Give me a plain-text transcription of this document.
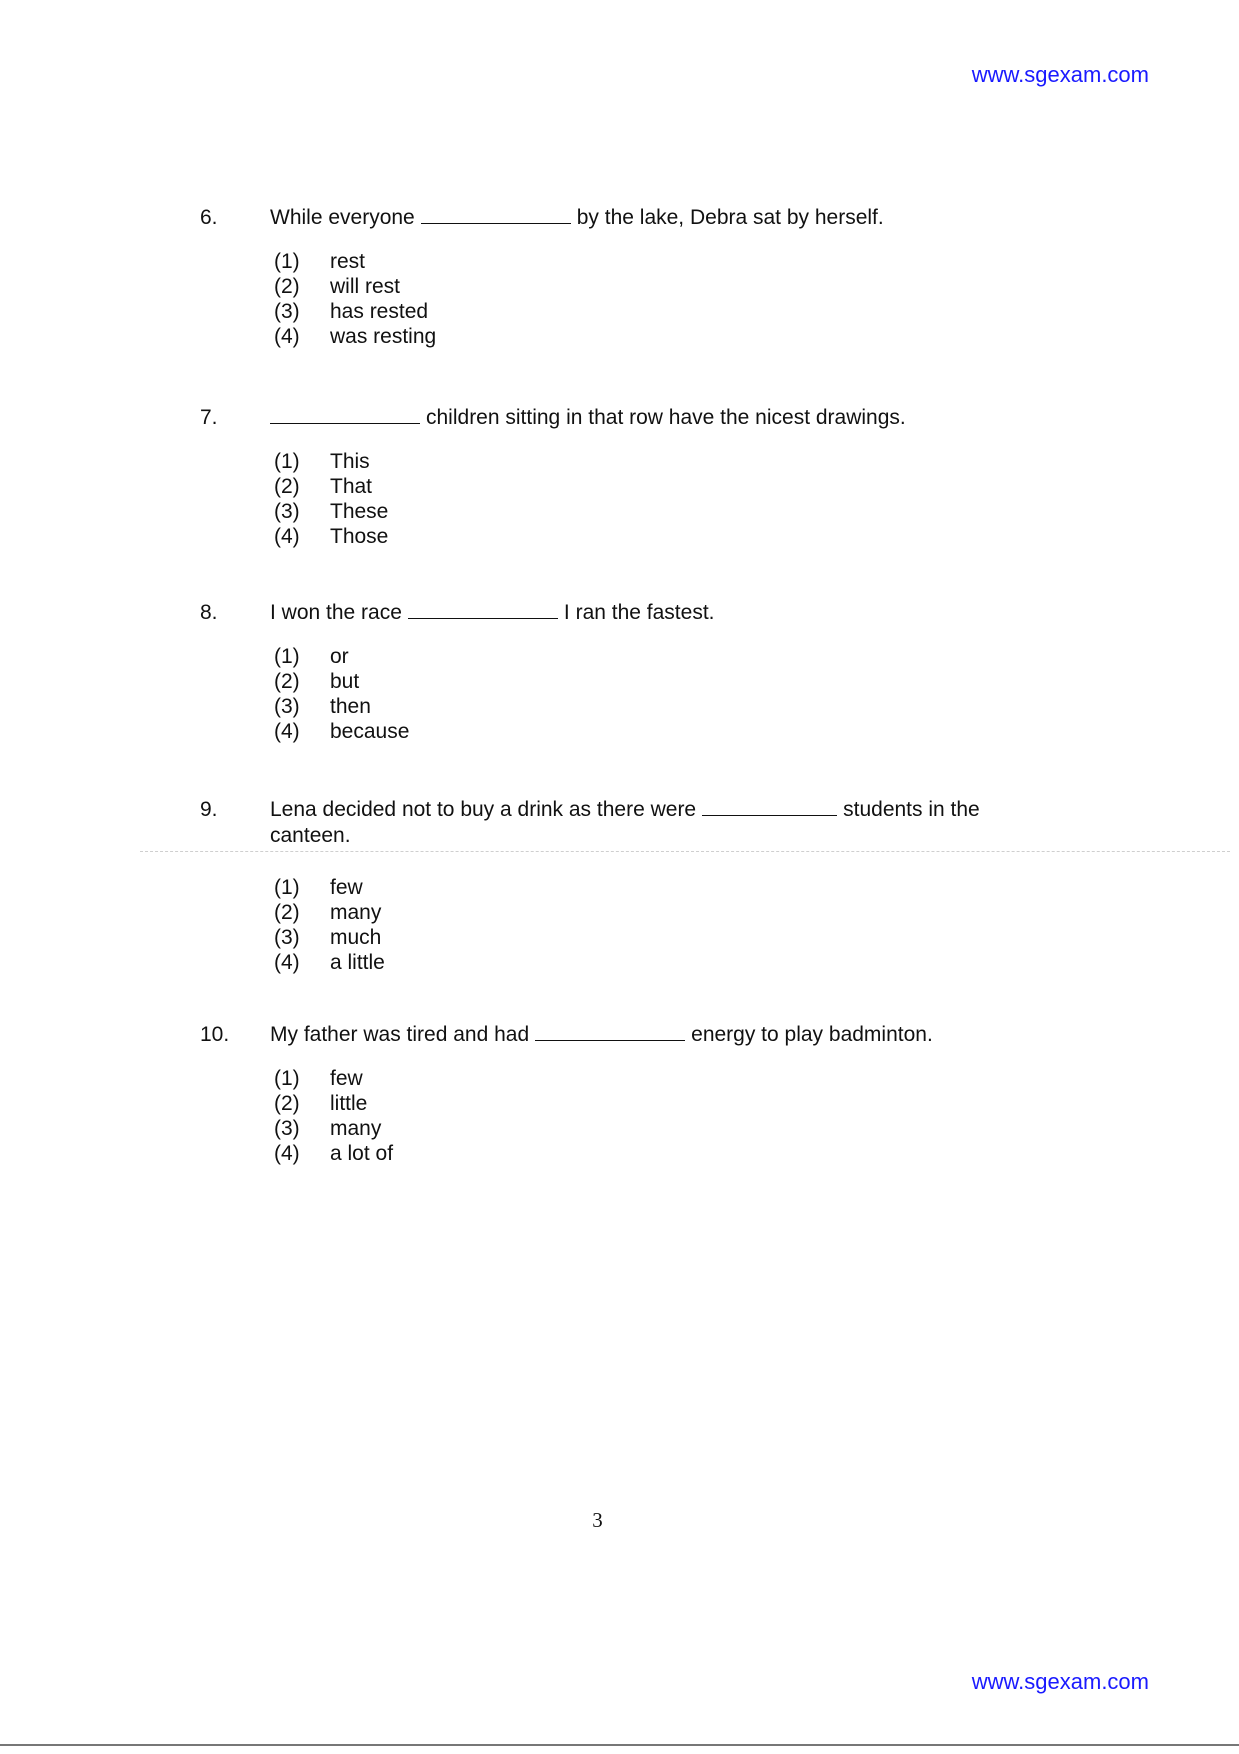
www.sgexam.com
6.	While everyone	by the lake, Debra sat by herself.
(1)	rest
(2)	will rest
(3)	has rested
(4)	was resting
7.	children sitting in that row have the nicest drawings.
(1)	This
(2)	That
(3)	These
(4)	Those
8.	I won the race	I ran the fastest.
(1)	or
(2)	but
(3)	then
(4)	because
9.	Lena decided not to buy a drink as there were	students in the canteen.
(1)	few
(2)	many
(3)	much
(4)	a little
10.	My father was tired and had	energy to play badminton.
(1)	few
(2)	little
(3)	many
(4)	a lot of
3
www.sgexam.com
